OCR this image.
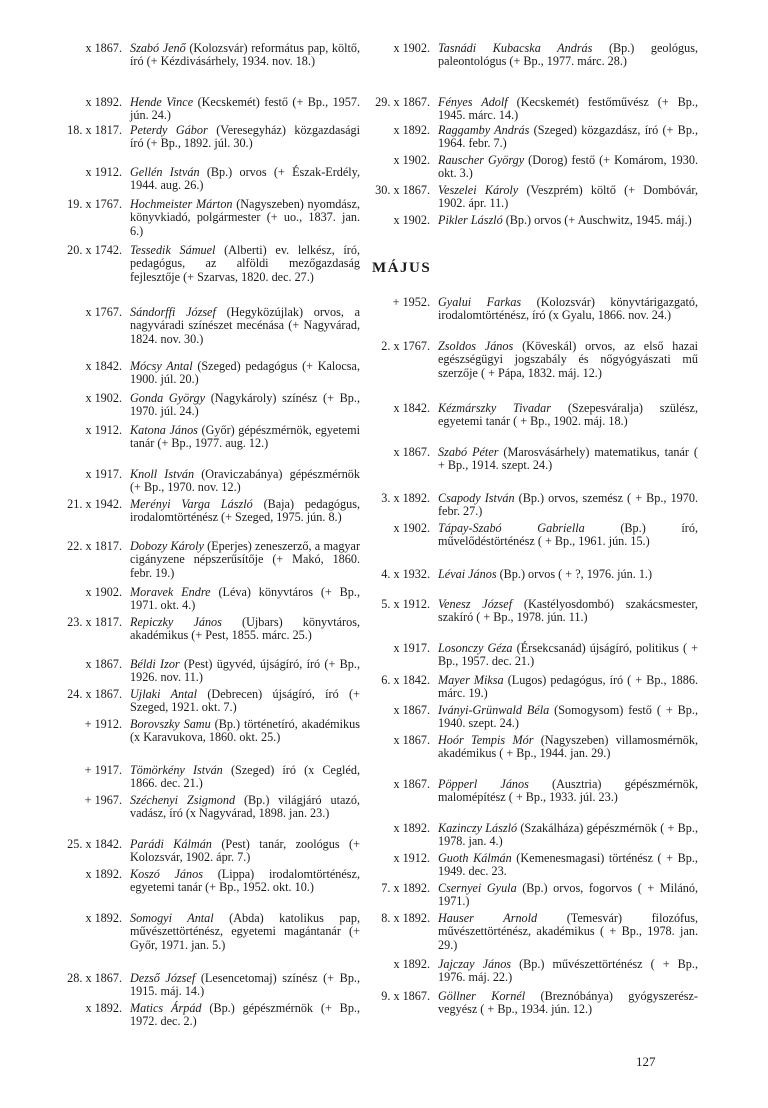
x 1867. Szabó Jenő (Kolozsvár) református pap, költő, író (+ Kézdivásárhely, 1934. nov. 18.)
x 1892. Hende Vince (Kecskemét) festő (+ Bp., 1957. jún. 24.)
18. x 1817. Peterdy Gábor (Veresegyház) közgazdasági író (+ Bp., 1892. júl. 30.)
x 1912. Gellén István (Bp.) orvos (+ Észak-Erdély, 1944. aug. 26.)
19. x 1767. Hochmeister Márton (Nagyszeben) nyomdász, könyvkiadó, polgármester (+ uo., 1837. jan. 6.)
20. x 1742. Tessedik Sámuel (Alberti) ev. lelkész, író, pedagógus, az alföldi mezőgazdaság fejlesztője (+ Szarvas, 1820. dec. 27.)
x 1767. Sándorffi József (Hegyközújlak) orvos, a nagyváradi színészet mecénása (+ Nagyvárad, 1824. nov. 30.)
x 1842. Mócsy Antal (Szeged) pedagógus (+ Kalocsa, 1900. júl. 20.)
x 1902. Gonda György (Nagykároly) színész (+ Bp., 1970. júl. 24.)
x 1912. Katona János (Győr) gépészmérnök, egyetemi tanár (+ Bp., 1977. aug. 12.)
x 1917. Knoll István (Oraviczabánya) gépészmérnök (+ Bp., 1970. nov. 12.)
21. x 1942. Merényi Varga László (Baja) pedagógus, irodalomtörténész (+ Szeged, 1975. jún. 8.)
22. x 1817. Dobozy Károly (Eperjes) zeneszerző, a magyar cigányzene népszerűsítője (+ Makó, 1860. febr. 19.)
x 1902. Moravek Endre (Léva) könyvtáros (+ Bp., 1971. okt. 4.)
23. x 1817. Repiczky János (Ujbars) könyvtáros, akadémikus (+ Pest, 1855. márc. 25.)
x 1867. Béldi Izor (Pest) ügyvéd, újságíró, író (+ Bp., 1926. nov. 11.)
24. x 1867. Ujlaki Antal (Debrecen) újságíró, író (+ Szeged, 1921. okt. 7.)
+ 1912. Borovszky Samu (Bp.) történetíró, akadémikus (x Karavukova, 1860. okt. 25.)
+ 1917. Tömörkény István (Szeged) író (x Cegléd, 1866. dec. 21.)
+ 1967. Széchenyi Zsigmond (Bp.) világjáró utazó, vadász, író (x Nagyvárad, 1898. jan. 23.)
25. x 1842. Parádi Kálmán (Pest) tanár, zoológus (+ Kolozsvár, 1902. ápr. 7.)
x 1892. Koszó János (Lippa) irodalomtörténész, egyetemi tanár (+ Bp., 1952. okt. 10.)
x 1892. Somogyi Antal (Abda) katolikus pap, művészettörténész, egyetemi magántanár (+ Győr, 1971. jan. 5.)
28. x 1867. Dezső József (Lesencetomaj) színész (+ Bp., 1915. máj. 14.)
x 1892. Matics Árpád (Bp.) gépészmérnök (+ Bp., 1972. dec. 2.)
MÁJUS
x 1902. Tasnádi Kubacska András (Bp.) geológus, paleontológus (+ Bp., 1977. márc. 28.)
29. x 1867. Fényes Adolf (Kecskemét) festőművész (+ Bp., 1945. márc. 14.)
x 1892. Raggamby András (Szeged) közgazdász, író (+ Bp., 1964. febr. 7.)
x 1902. Rauscher György (Dorog) festő (+ Komárom, 1930. okt. 3.)
30. x 1867. Veszelei Károly (Veszprém) költő (+ Dombóvár, 1902. ápr. 11.)
x 1902. Pikler László (Bp.) orvos (+ Auschwitz, 1945. máj.)
+ 1952. Gyalui Farkas (Kolozsvár) könyvtárigazgató, irodalomtörténész, író (x Gyalu, 1866. nov. 24.)
2. x 1767. Zsoldos János (Köveskál) orvos, az első hazai egészségügyi jogszabály és nőgyógyászati mű szerzője ( + Pápa, 1832. máj. 12.)
x 1842. Kézmárszky Tivadar (Szepesváralja) szülész, egyetemi tanár ( + Bp., 1902. máj. 18.)
x 1867. Szabó Péter (Marosvásárhely) matematikus, tanár ( + Bp., 1914. szept. 24.)
3. x 1892. Csapody István (Bp.) orvos, szemész ( + Bp., 1970. febr. 27.)
x 1902. Tápay-Szabó Gabriella (Bp.) író, művelődéstörténész ( + Bp., 1961. jún. 15.)
4. x 1932. Lévai János (Bp.) orvos ( + ?, 1976. jún. 1.)
5. x 1912. Venesz József (Kastélyosdombó) szakácsmester, szakíró ( + Bp., 1978. jún. 11.)
x 1917. Losonczy Géza (Érsekcsanád) újságíró, politikus ( + Bp., 1957. dec. 21.)
6. x 1842. Mayer Miksa (Lugos) pedagógus, író ( + Bp., 1886. márc. 19.)
x 1867. Iványi-Grünwald Béla (Somogysom) festő ( + Bp., 1940. szept. 24.)
x 1867. Hoór Tempis Mór (Nagyszeben) villamosmérnök, akadémikus ( + Bp., 1944. jan. 29.)
x 1867. Pöpperl János (Ausztria) gépészmérnök, malomépítész ( + Bp., 1933. júl. 23.)
x 1892. Kazinczy László (Szakálháza) gépészmérnök ( + Bp., 1978. jan. 4.)
x 1912. Guoth Kálmán (Kemenesmagasi) történész ( + Bp., 1949. dec. 23.
7. x 1892. Csernyei Gyula (Bp.) orvos, fogorvos ( + Milánó, 1971.)
8. x 1892. Hauser Arnold (Temesvár) filozófus, művészettörténész, akadémikus ( + Bp., 1978. jan. 29.)
x 1892. Jajczay János (Bp.) művészettörténész ( + Bp., 1976. máj. 22.)
9. x 1867. Göllner Kornél (Breznóbánya) gyógyszerész-vegyész ( + Bp., 1934. jún. 12.)
127
